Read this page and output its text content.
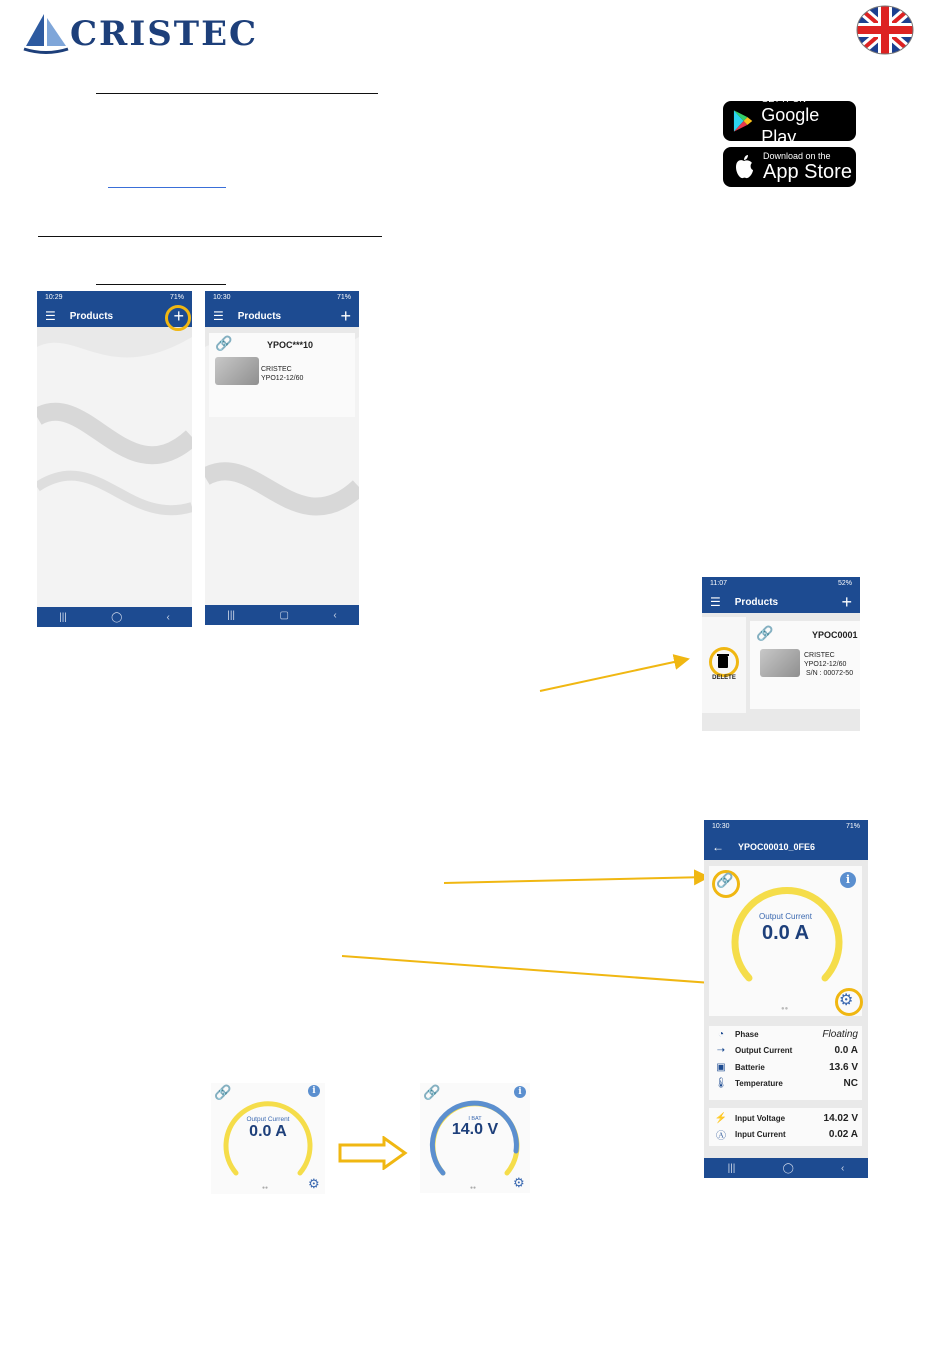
CRISTEC
GET IT ON
Google Play
Download on the
App Store
10:29	71%
☰ Products	+
|||	◯	‹
10:30	71%
☰ Products	+
🔗	YPOC***10
CRISTEC
YPO12-12/60
|||	▢	‹
11:07	52%
☰ Products	+
DELETE
🔗	YPOC0001
CRISTEC
YPO12-12/60
S/N : 00072-50
10:30	71%
← YPOC00010_0FE6
🔗	i
Output Current
0.0 A
●●	⚙
◔	Phase	Floating
➝	Output Current	0.0 A
▣	Batterie	13.6 V
🌡 Temperature	NC
⚡ Input Voltage	14.02 V
Ⓐ	Input Current	0.02 A
|||	◯	‹
🔗	i
Output Current
0.0 A
●●	⚙
🔗	i
I BAT
14.0 V
●●	⚙
